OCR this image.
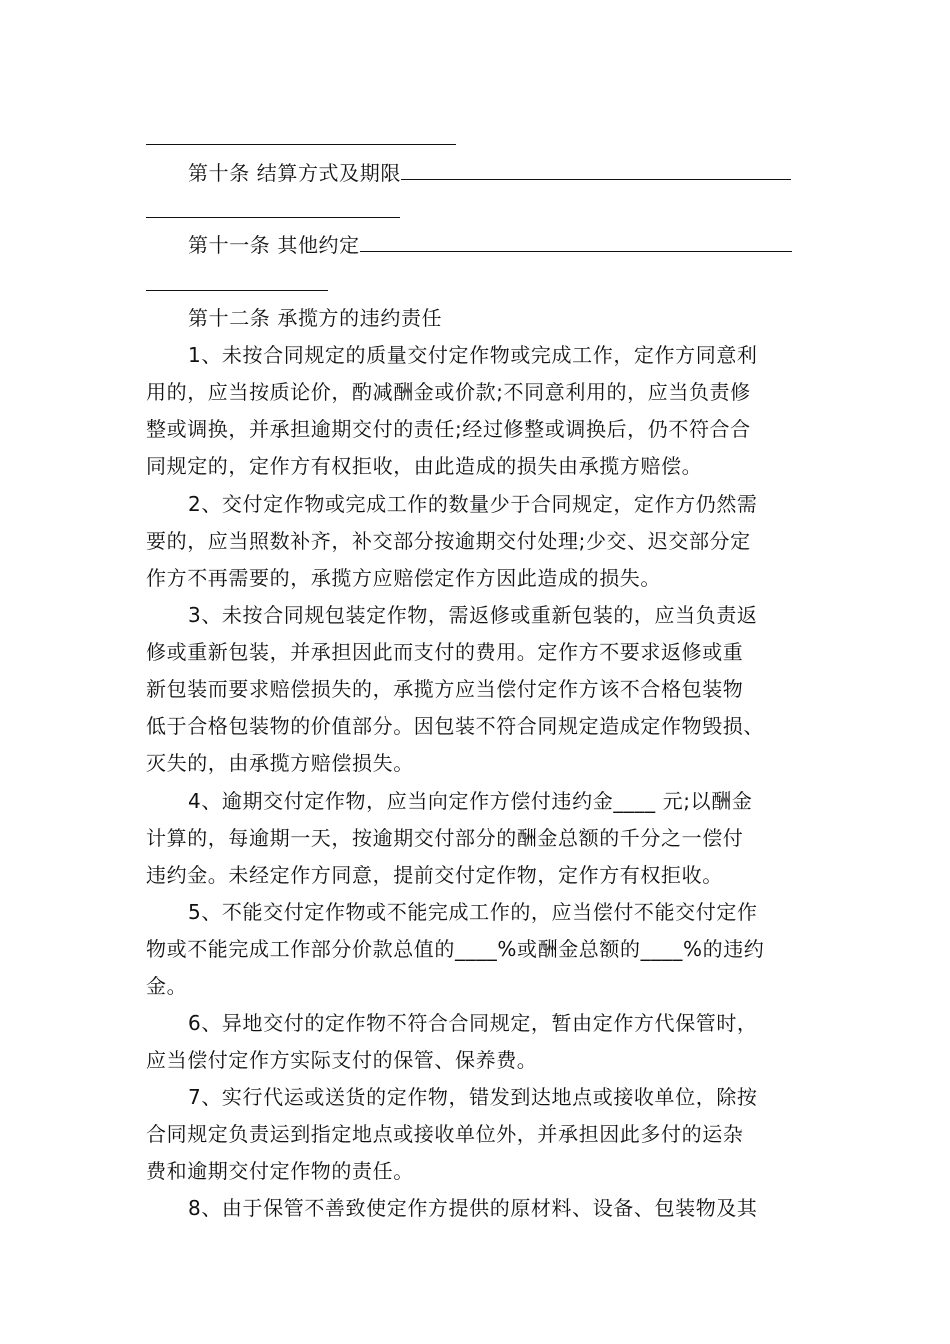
第十条 结算方式及期限
第十一条 其他约定
第十二条 承揽方的违约责任
1、未按合同规定的质量交付定作物或完成工作，定作方同意利
用的，应当按质论价，酌减酬金或价款;不同意利用的，应当负责修
整或调换，并承担逾期交付的责任;经过修整或调换后，仍不符合合
同规定的，定作方有权拒收，由此造成的损失由承揽方赔偿。
2、交付定作物或完成工作的数量少于合同规定，定作方仍然需
要的，应当照数补齐，补交部分按逾期交付处理;少交、迟交部分定
作方不再需要的，承揽方应赔偿定作方因此造成的损失。
3、未按合同规包装定作物，需返修或重新包装的，应当负责返
修或重新包装，并承担因此而支付的费用。定作方不要求返修或重
新包装而要求赔偿损失的，承揽方应当偿付定作方该不合格包装物
低于合格包装物的价值部分。因包装不符合同规定造成定作物毁损、
灭失的，由承揽方赔偿损失。
4、逾期交付定作物，应当向定作方偿付违约金____ 元;以酬金
计算的，每逾期一天，按逾期交付部分的酬金总额的千分之一偿付
违约金。未经定作方同意，提前交付定作物，定作方有权拒收。
5、不能交付定作物或不能完成工作的，应当偿付不能交付定作
物或不能完成工作部分价款总值的____%或酬金总额的____%的违约
金。
6、异地交付的定作物不符合合同规定，暂由定作方代保管时，
应当偿付定作方实际支付的保管、保养费。
7、实行代运或送货的定作物，错发到达地点或接收单位，除按
合同规定负责运到指定地点或接收单位外，并承担因此多付的运杂
费和逾期交付定作物的责任。
8、由于保管不善致使定作方提供的原材料、设备、包装物及其
